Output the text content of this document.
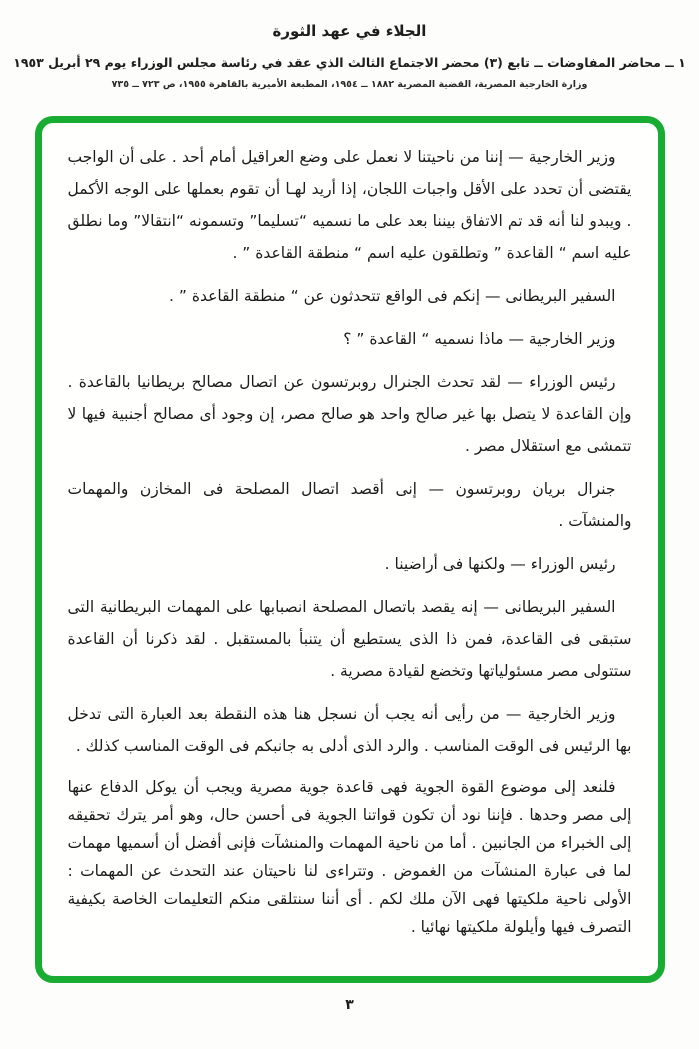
الجلاء في عهد الثورة
١ ــ محاضر المفاوضات ــ تابع (٣) محضر الاجتماع الثالث الذي عقد في رئاسة مجلس الوزراء يوم ٢٩ أبريل ١٩٥٣
وزارة الخارجية المصرية، القضية المصرية ١٨٨٢ ــ ١٩٥٤، المطبعة الأميرية بالقاهرة ١٩٥٥، ص ٧٢٣ ــ ٧٣٥

وزير الخارجية — إننا من ناحيتنا لا نعمل على وضع العراقيل أمام أحد . على أن الواجب يقتضى أن تحدد على الأقل واجبات اللجان، إذا أريد لهـا أن تقوم بعملها على الوجه الأكمل . ويبدو لنا أنه قد تم الاتفاق بيننا بعد على ما نسميه “تسليما” وتسمونه “انتقالا” وما نطلق عليه اسم “ القاعدة ” وتطلقون عليه اسم “ منطقة القاعدة ” .

السفير البريطانى — إنكم فى الواقع تتحدثون عن “ منطقة القاعدة ” .

وزير الخارجية — ماذا نسميه “ القاعدة ” ؟

رئيس الوزراء — لقد تحدث الجنرال روبرتسون عن اتصال مصالح بريطانيا بالقاعدة . وإن القاعدة لا يتصل بها غير صالح واحد هو صالح مصر، إن وجود أى مصالح أجنبية فيها لا تتمشى مع استقلال مصر .

جنرال بريان روبرتسون — إنى أقصد اتصال المصلحة فى المخازن والمهمات والمنشآت .

رئيس الوزراء — ولكنها فى أراضينا .

السفير البريطانى — إنه يقصد باتصال المصلحة انصبابها على المهمات البريطانية التى ستبقى فى القاعدة، فمن ذا الذى يستطيع أن يتنبأ بالمستقبل . لقد ذكرنا أن القاعدة ستتولى مصر مسئولياتها وتخضع لقيادة مصرية .

وزير الخارجية — من رأيى أنه يجب أن نسجل هنا هذه النقطة بعد العبارة التى تدخل بها الرئيس فى الوقت المناسب . والرد الذى أدلى به جانبكم فى الوقت المناسب كذلك .

فلنعد إلى موضوع القوة الجوية فهى قاعدة جوية مصرية ويجب أن يوكل الدفاع عنها إلى مصر وحدها . فإننا نود أن تكون قواتنا الجوية فى أحسن حال، وهو أمر يترك تحقيقه إلى الخبراء من الجانبين . أما من ناحية المهمات والمنشآت فإنى أفضل أن أسميها مهمات لما فى عبارة المنشآت من الغموض . وتتراءى لنا ناحيتان عند التحدث عن المهمات : الأولى ناحية ملكيتها فهى الآن ملك لكم . أى أننا سنتلقى منكم التعليمات الخاصة بكيفية التصرف فيها وأيلولة ملكيتها نهائيا .

٣
